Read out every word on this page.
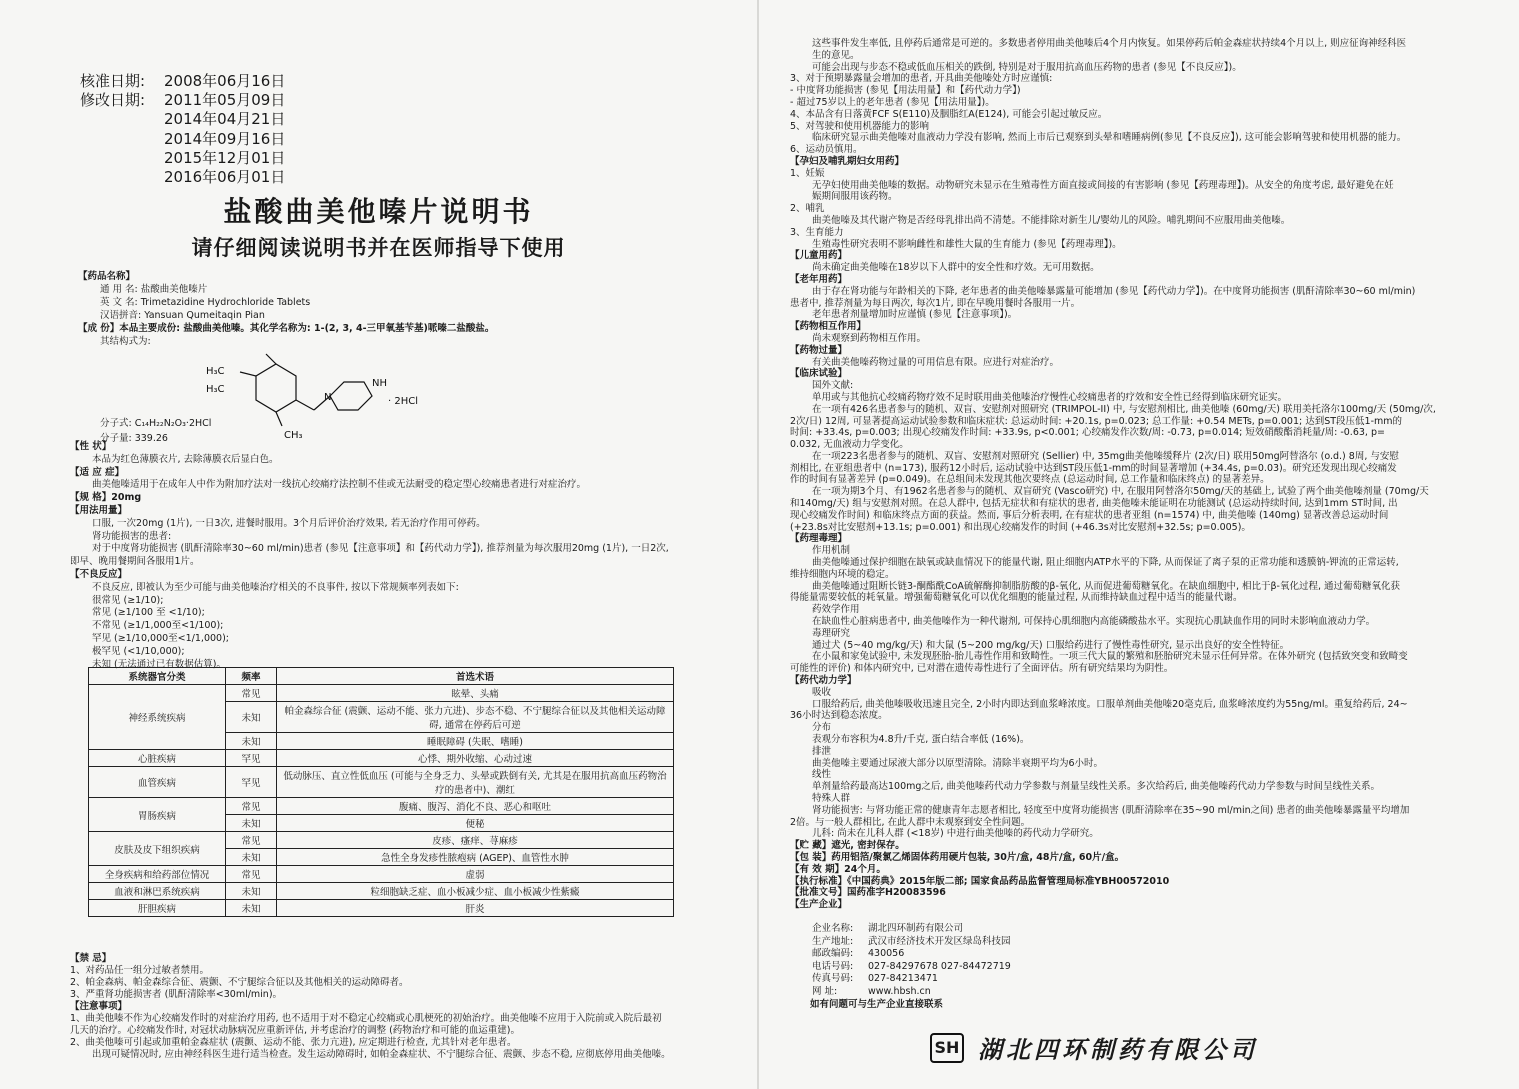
核准日期:	2008年06月16日
修改日期:	2011年05月09日
2014年04月21日
2014年09月16日
2015年12月01日
2016年06月01日
盐酸曲美他嗪片说明书
请仔细阅读说明书并在医师指导下使用
【药品名称】
通 用 名: 盐酸曲美他嗪片
英 文 名: Trimetazidine Hydrochloride Tablets
汉语拼音: Yansuan Qumeitaqin Pian
【成 份】本品主要成份: 盐酸曲美他嗪。其化学名称为: 1-(2, 3, 4-三甲氧基苄基)哌嗪二盐酸盐。
其结构式为:
H₃C
H₃C
CH₃
N
NH
· 2HCl
分子式: C₁₄H₂₂N₂O₃·2HCl
分子量: 339.26
【性 状】
本品为红色薄膜衣片, 去除薄膜衣后显白色。
【适 应 症】
曲美他嗪适用于在成年人中作为附加疗法对一线抗心绞痛疗法控制不佳或无法耐受的稳定型心绞痛患者进行对症治疗。
【规 格】20mg
【用法用量】
口服, 一次20mg (1片), 一日3次, 进餐时服用。3个月后评价治疗效果, 若无治疗作用可停药。
肾功能损害的患者:
对于中度肾功能损害 (肌酐清除率30~60 ml/min)患者 (参见【注意事项】和【药代动力学】), 推荐剂量为每次服用20mg (1片), 一日2次,
即早、晚用餐期间各服用1片。
【不良反应】
不良反应, 即被认为至少可能与曲美他嗪治疗相关的不良事件, 按以下常规频率列表如下:
很常见 (≥1/10);
常见 (≥1/100 至 <1/10);
不常见 (≥1/1,000至<1/100);
罕见 (≥1/10,000至<1/1,000);
极罕见 (<1/10,000);
未知 (无法通过已有数据估算)。
系统器官分类	频率	首选术语
神经系统疾病	常见	眩晕、头痛
	未知	帕金森综合征 (震颤、运动不能、张力亢进)、步态不稳、不宁腿综合征以及其他相关运动障碍, 通常在停药后可逆
	未知	睡眠障碍 (失眠、嗜睡)
心脏疾病	罕见	心悸、期外收缩、心动过速
血管疾病	罕见	低动脉压、直立性低血压 (可能与全身乏力、头晕或跌倒有关, 尤其是在服用抗高血压药物治疗的患者中)、潮红
胃肠疾病	常见	腹痛、腹泻、消化不良、恶心和呕吐
	未知	便秘
皮肤及皮下组织疾病	常见	皮疹、瘙痒、荨麻疹
	未知	急性全身发疹性脓疱病 (AGEP)、血管性水肿
全身疾病和给药部位情况	常见	虚弱
血液和淋巴系统疾病	未知	粒细胞缺乏症、血小板减少症、血小板减少性紫癜
肝胆疾病	未知	肝炎
【禁 忌】
1、对药品任一组分过敏者禁用。
2、帕金森病、帕金森综合征、震颤、不宁腿综合征以及其他相关的运动障碍者。
3、严重肾功能损害者 (肌酐清除率<30ml/min)。
【注意事项】
1、曲美他嗪不作为心绞痛发作时的对症治疗用药, 也不适用于对不稳定心绞痛或心肌梗死的初始治疗。曲美他嗪不应用于入院前或入院后最初
几天的治疗。心绞痛发作时, 对冠状动脉病况应重新评估, 并考虑治疗的调整 (药物治疗和可能的血运重建)。
2、曲美他嗪可引起或加重帕金森症状 (震颤、运动不能、张力亢进), 应定期进行检查, 尤其针对老年患者。
出现可疑情况时, 应由神经科医生进行适当检查。发生运动障碍时, 如帕金森症状、不宁腿综合征、震颤、步态不稳, 应彻底停用曲美他嗪。
这些事件发生率低, 且停药后通常是可逆的。多数患者停用曲美他嗪后4个月内恢复。如果停药后帕金森症状持续4个月以上, 则应征询神经科医
生的意见。
可能会出现与步态不稳或低血压相关的跌倒, 特别是对于服用抗高血压药物的患者 (参见【不良反应】)。
3、对于预期暴露量会增加的患者, 开具曲美他嗪处方时应谨慎:
- 中度肾功能损害 (参见【用法用量】和【药代动力学】)
- 超过75岁以上的老年患者 (参见【用法用量】)。
4、本品含有日落黄FCF S(E110)及胭脂红A(E124), 可能会引起过敏反应。
5、对驾驶和使用机器能力的影响
临床研究显示曲美他嗪对血液动力学没有影响, 然而上市后已观察到头晕和嗜睡病例(参见【不良反应】), 这可能会影响驾驶和使用机器的能力。
6、运动员慎用。
【孕妇及哺乳期妇女用药】
1、妊娠
无孕妇使用曲美他嗪的数据。动物研究未显示在生殖毒性方面直接或间接的有害影响 (参见【药理毒理】)。从安全的角度考虑, 最好避免在妊
娠期间服用该药物。
2、哺乳
曲美他嗪及其代谢产物是否经母乳排出尚不清楚。不能排除对新生儿/婴幼儿的风险。哺乳期间不应服用曲美他嗪。
3、生育能力
生殖毒性研究表明不影响雌性和雄性大鼠的生育能力 (参见【药理毒理】)。
【儿童用药】
尚未确定曲美他嗪在18岁以下人群中的安全性和疗效。无可用数据。
【老年用药】
由于存在肾功能与年龄相关的下降, 老年患者的曲美他嗪暴露量可能增加 (参见【药代动力学】)。在中度肾功能损害 (肌酐清除率30~60 ml/min)
患者中, 推荐剂量为每日两次, 每次1片, 即在早晚用餐时各服用一片。
老年患者剂量增加时应谨慎 (参见【注意事项】)。
【药物相互作用】
尚未观察到药物相互作用。
【药物过量】
有关曲美他嗪药物过量的可用信息有限。应进行对症治疗。
【临床试验】
国外文献:
单用或与其他抗心绞痛药物疗效不足时联用曲美他嗪治疗慢性心绞痛患者的疗效和安全性已经得到临床研究证实。
在一项有426名患者参与的随机、双盲、安慰剂对照研究 (TRIMPOL-II) 中, 与安慰剂相比, 曲美他嗪 (60mg/天) 联用美托洛尔100mg/天 (50mg/次,
2次/日) 12周, 可显著提高运动试验参数和临床症状: 总运动时间: +20.1s, p=0.023; 总工作量: +0.54 METs, p=0.001; 达到ST段压低1-mm的
时间: +33.4s, p=0.003; 出现心绞痛发作时间: +33.9s, p<0.001; 心绞痛发作次数/周: -0.73, p=0.014; 短效硝酸酯消耗量/周: -0.63, p=
0.032, 无血液动力学变化。
在一项223名患者参与的随机、双盲、安慰剂对照研究 (Sellier) 中, 35mg曲美他嗪缓释片 (2次/日) 联用50mg阿替洛尔 (o.d.) 8周, 与安慰
剂相比, 在亚组患者中 (n=173), 服药12小时后, 运动试验中达到ST段压低1-mm的时间显著增加 (+34.4s, p=0.03)。研究还发现出现心绞痛发
作的时间有显著差异 (p=0.049)。在总组间未发现其他次要终点 (总运动时间, 总工作量和临床终点) 的显著差异。
在一项为期3个月、有1962名患者参与的随机、双盲研究 (Vasco研究) 中, 在服用阿替洛尔50mg/天的基础上, 试验了两个曲美他嗪剂量 (70mg/天
和140mg/天) 组与安慰剂对照。在总人群中, 包括无症状和有症状的患者, 曲美他嗪未能证明在功能测试 (总运动持续时间, 达到1mm ST时间, 出
现心绞痛发作时间) 和临床终点方面的获益。然而, 事后分析表明, 在有症状的患者亚组 (n=1574) 中, 曲美他嗪 (140mg) 显著改善总运动时间
(+23.8s对比安慰剂+13.1s; p=0.001) 和出现心绞痛发作的时间 (+46.3s对比安慰剂+32.5s; p=0.005)。
【药理毒理】
作用机制
曲美他嗪通过保护细胞在缺氧或缺血情况下的能量代谢, 阻止细胞内ATP水平的下降, 从而保证了离子泵的正常功能和透膜钠-钾流的正常运转,
维持细胞内环境的稳定。
曲美他嗪通过阻断长链3-酮酯酰CoA硫解酶抑制脂肪酸的β-氧化, 从而促进葡萄糖氧化。在缺血细胞中, 相比于β-氧化过程, 通过葡萄糖氧化获
得能量需要较低的耗氧量。增强葡萄糖氧化可以优化细胞的能量过程, 从而维持缺血过程中适当的能量代谢。
药效学作用
在缺血性心脏病患者中, 曲美他嗪作为一种代谢剂, 可保持心肌细胞内高能磷酸盐水平。实现抗心肌缺血作用的同时未影响血液动力学。
毒理研究
通过犬 (5~40 mg/kg/天) 和大鼠 (5~200 mg/kg/天) 口服给药进行了慢性毒性研究, 显示出良好的安全性特征。
在小鼠和家兔试验中, 未发现胚胎-胎儿毒性作用和致畸性。一项三代大鼠的繁殖和胚胎研究未显示任何异常。在体外研究 (包括致突变和致畸变
可能性的评价) 和体内研究中, 已对潜在遗传毒性进行了全面评估。所有研究结果均为阴性。
【药代动力学】
吸收
口服给药后, 曲美他嗪吸收迅速且完全, 2小时内即达到血浆峰浓度。口服单剂曲美他嗪20毫克后, 血浆峰浓度约为55ng/ml。重复给药后, 24~
36小时达到稳态浓度。
分布
表观分布容积为4.8升/千克, 蛋白结合率低 (16%)。
排泄
曲美他嗪主要通过尿液大部分以原型清除。清除半衰期平均为6小时。
线性
单剂量给药最高达100mg之后, 曲美他嗪药代动力学参数与剂量呈线性关系。多次给药后, 曲美他嗪药代动力学参数与时间呈线性关系。
特殊人群
肾功能损害: 与肾功能正常的健康青年志愿者相比, 轻度至中度肾功能损害 (肌酐清除率在35~90 ml/min之间) 患者的曲美他嗪暴露量平均增加
2倍。与一般人群相比, 在此人群中未观察到安全性问题。
儿科: 尚未在儿科人群 (<18岁) 中进行曲美他嗪的药代动力学研究。
【贮 藏】遮光, 密封保存。
【包 装】药用铝箔/聚氯乙烯固体药用硬片包装, 30片/盒, 48片/盒, 60片/盒。
【有 效 期】24个月。
【执行标准】《中国药典》2015年版二部; 国家食品药品监督管理局标准YBH00572010
【批准文号】国药准字H20083596
【生产企业】
企业名称:	湖北四环制药有限公司
生产地址:	武汉市经济技术开发区绿岛科技园
邮政编码:	430056
电话号码:	027-84297678 027-84472719
传真号码:	027-84213471
网 址:	www.hbsh.cn
如有问题可与生产企业直接联系
SH 湖北四环制药有限公司
